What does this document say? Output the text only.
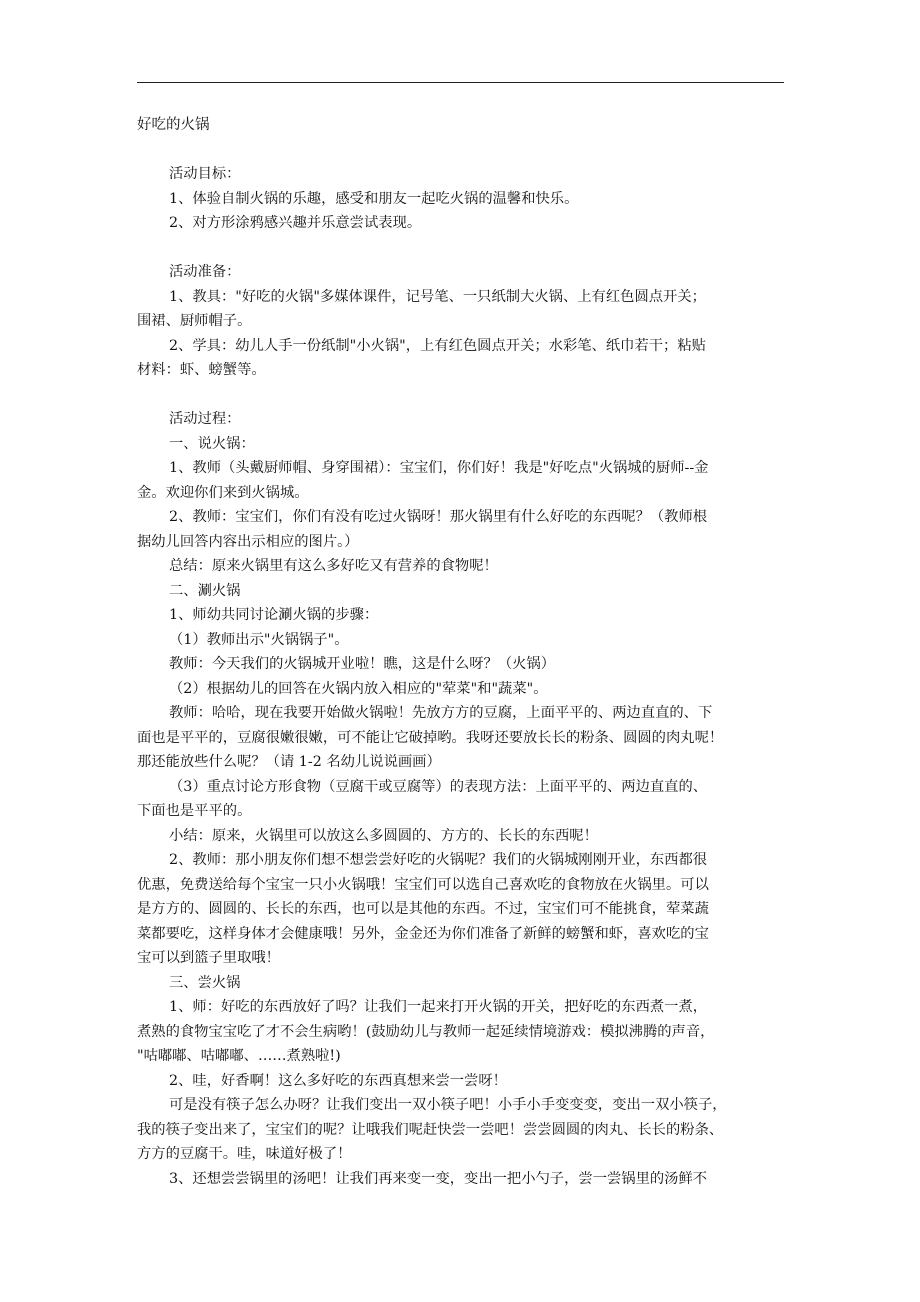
好吃的火锅
活动目标：
1、体验自制火锅的乐趣，感受和朋友一起吃火锅的温馨和快乐。
2、对方形涂鸦感兴趣并乐意尝试表现。
活动准备：
1、教具："好吃的火锅"多媒体课件，记号笔、一只纸制大火锅、上有红色圆点开关；
围裙、厨师帽子。
2、学具：幼儿人手一份纸制"小火锅"，上有红色圆点开关；水彩笔、纸巾若干；粘贴
材料：虾、螃蟹等。
活动过程：
一、说火锅：
1、教师（头戴厨师帽、身穿围裙）：宝宝们，你们好！我是"好吃点"火锅城的厨师--金
金。欢迎你们来到火锅城。
2、教师：宝宝们，你们有没有吃过火锅呀！那火锅里有什么好吃的东西呢？（教师根
据幼儿回答内容出示相应的图片。）
总结：原来火锅里有这么多好吃又有营养的食物呢！
二、涮火锅
1、师幼共同讨论涮火锅的步骤：
（1）教师出示"火锅锅子"。
教师：今天我们的火锅城开业啦！瞧，这是什么呀？（火锅）
（2）根据幼儿的回答在火锅内放入相应的"荤菜"和"蔬菜"。
教师：哈哈，现在我要开始做火锅啦！先放方方的豆腐，上面平平的、两边直直的、下
面也是平平的，豆腐很嫩很嫩，可不能让它破掉哟。我呀还要放长长的粉条、圆圆的肉丸呢！
那还能放些什么呢？（请 1-2 名幼儿说说画画）
（3）重点讨论方形食物（豆腐干或豆腐等）的表现方法：上面平平的、两边直直的、
下面也是平平的。
小结：原来，火锅里可以放这么多圆圆的、方方的、长长的东西呢！
2、教师：那小朋友你们想不想尝尝好吃的火锅呢？我们的火锅城刚刚开业，东西都很
优惠，免费送给每个宝宝一只小火锅哦！宝宝们可以选自己喜欢吃的食物放在火锅里。可以
是方方的、圆圆的、长长的东西，也可以是其他的东西。不过，宝宝们可不能挑食，荤菜蔬
菜都要吃，这样身体才会健康哦！另外，金金还为你们准备了新鲜的螃蟹和虾，喜欢吃的宝
宝可以到篮子里取哦！
三、尝火锅
1、师：好吃的东西放好了吗？让我们一起来打开火锅的开关，把好吃的东西煮一煮，
煮熟的食物宝宝吃了才不会生病哟！(鼓励幼儿与教师一起延续情境游戏：模拟沸腾的声音，
"咕嘟嘟、咕嘟嘟、……煮熟啦!)
2、哇，好香啊！这么多好吃的东西真想来尝一尝呀！
可是没有筷子怎么办呀？让我们变出一双小筷子吧！小手小手变变变，变出一双小筷子，
我的筷子变出来了，宝宝们的呢？让哦我们呢赶快尝一尝吧！尝尝圆圆的肉丸、长长的粉条、
方方的豆腐干。哇，味道好极了！
3、还想尝尝锅里的汤吧！让我们再来变一变，变出一把小勺子，尝一尝锅里的汤鲜不
